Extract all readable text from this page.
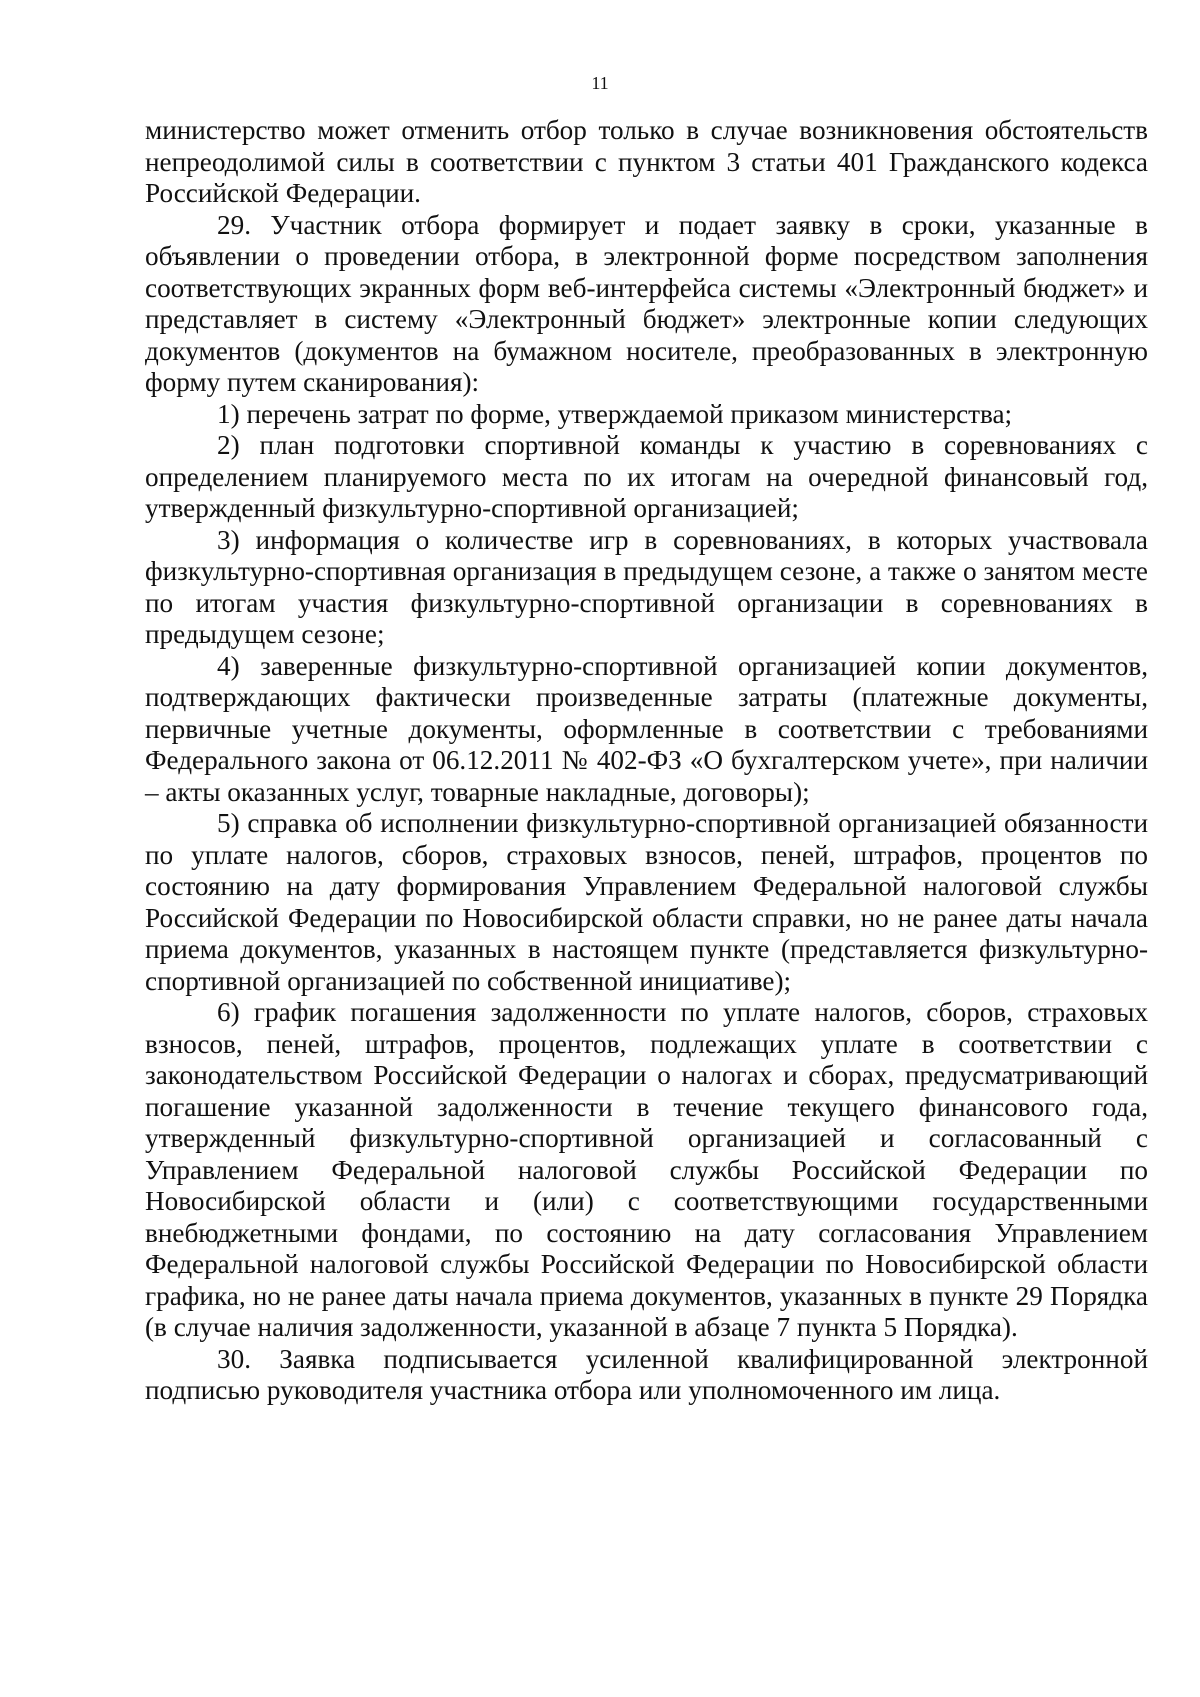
11

министерство может отменить отбор только в случае возникновения обстоятельств непреодолимой силы в соответствии с пунктом 3 статьи 401 Гражданского кодекса Российской Федерации.

29. Участник отбора формирует и подает заявку в сроки, указанные в объявлении о проведении отбора, в электронной форме посредством заполнения соответствующих экранных форм веб-интерфейса системы «Электронный бюджет» и представляет в систему «Электронный бюджет» электронные копии следующих документов (документов на бумажном носителе, преобразованных в электронную форму путем сканирования):

1) перечень затрат по форме, утверждаемой приказом министерства;

2) план подготовки спортивной команды к участию в соревнованиях с определением планируемого места по их итогам на очередной финансовый год, утвержденный физкультурно-спортивной организацией;

3) информация о количестве игр в соревнованиях, в которых участвовала физкультурно-спортивная организация в предыдущем сезоне, а также о занятом месте по итогам участия физкультурно-спортивной организации в соревнованиях в предыдущем сезоне;

4) заверенные физкультурно-спортивной организацией копии документов, подтверждающих фактически произведенные затраты (платежные документы, первичные учетные документы, оформленные в соответствии с требованиями Федерального закона от 06.12.2011 № 402-ФЗ «О бухгалтерском учете», при наличии – акты оказанных услуг, товарные накладные, договоры);

5) справка об исполнении физкультурно-спортивной организацией обязанности по уплате налогов, сборов, страховых взносов, пеней, штрафов, процентов по состоянию на дату формирования Управлением Федеральной налоговой службы Российской Федерации по Новосибирской области справки, но не ранее даты начала приема документов, указанных в настоящем пункте (представляется физкультурно-спортивной организацией по собственной инициативе);

6) график погашения задолженности по уплате налогов, сборов, страховых взносов, пеней, штрафов, процентов, подлежащих уплате в соответствии с законодательством Российской Федерации о налогах и сборах, предусматривающий погашение указанной задолженности в течение текущего финансового года, утвержденный физкультурно-спортивной организацией и согласованный с Управлением Федеральной налоговой службы Российской Федерации по Новосибирской области и (или) с соответствующими государственными внебюджетными фондами, по состоянию на дату согласования Управлением Федеральной налоговой службы Российской Федерации по Новосибирской области графика, но не ранее даты начала приема документов, указанных в пункте 29 Порядка (в случае наличия задолженности, указанной в абзаце 7 пункта 5 Порядка).

30. Заявка подписывается усиленной квалифицированной электронной подписью руководителя участника отбора или уполномоченного им лица.
